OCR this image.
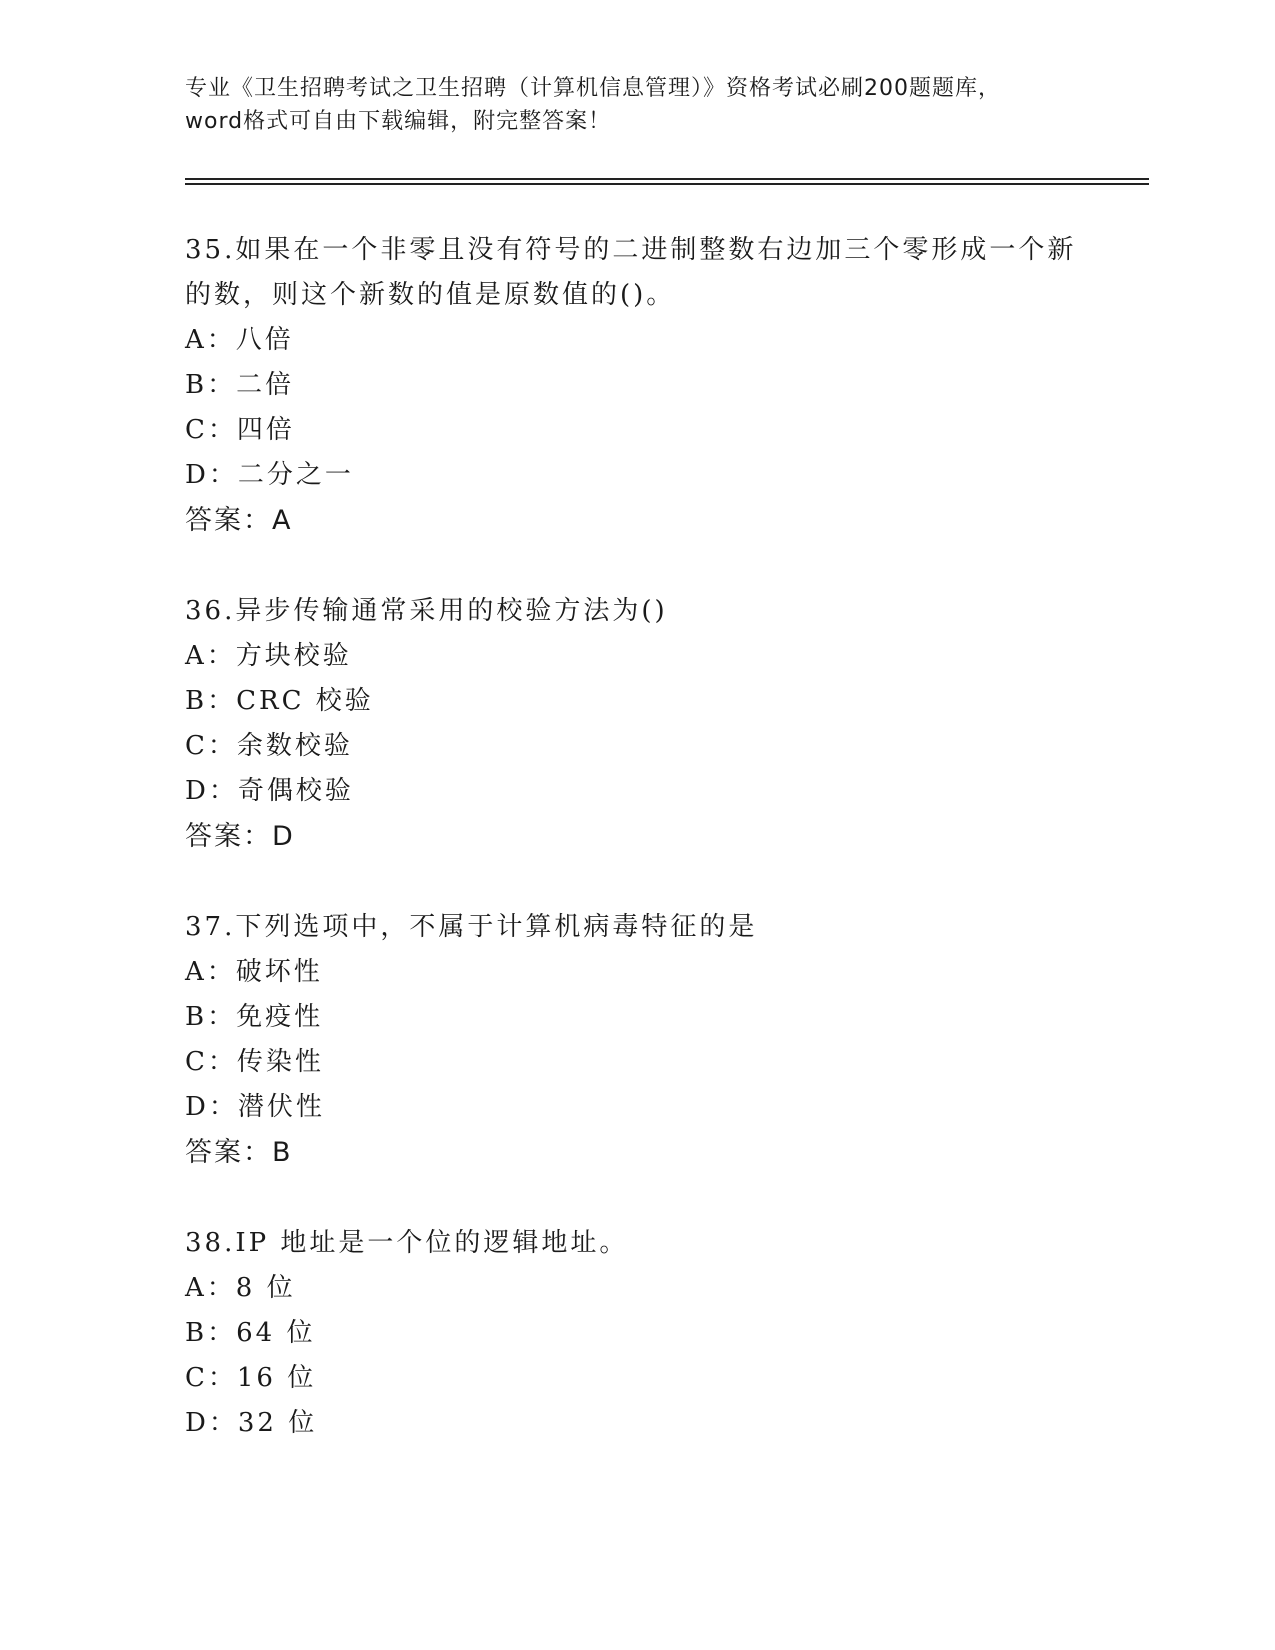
专业《卫生招聘考试之卫生招聘（计算机信息管理）》资格考试必刷200题题库，
word格式可自由下载编辑，附完整答案！
35.如果在一个非零且没有符号的二进制整数右边加三个零形成一个新
的数，则这个新数的值是原数值的()。
A：八倍
B：二倍
C：四倍
D：二分之一
答案：A
36.异步传输通常采用的校验方法为()
A：方块校验
B：CRC 校验
C：余数校验
D：奇偶校验
答案：D
37.下列选项中，不属于计算机病毒特征的是
A：破坏性
B：免疫性
C：传染性
D：潜伏性
答案：B
38.IP 地址是一个位的逻辑地址。
A：8 位
B：64 位
C：16 位
D：32 位
